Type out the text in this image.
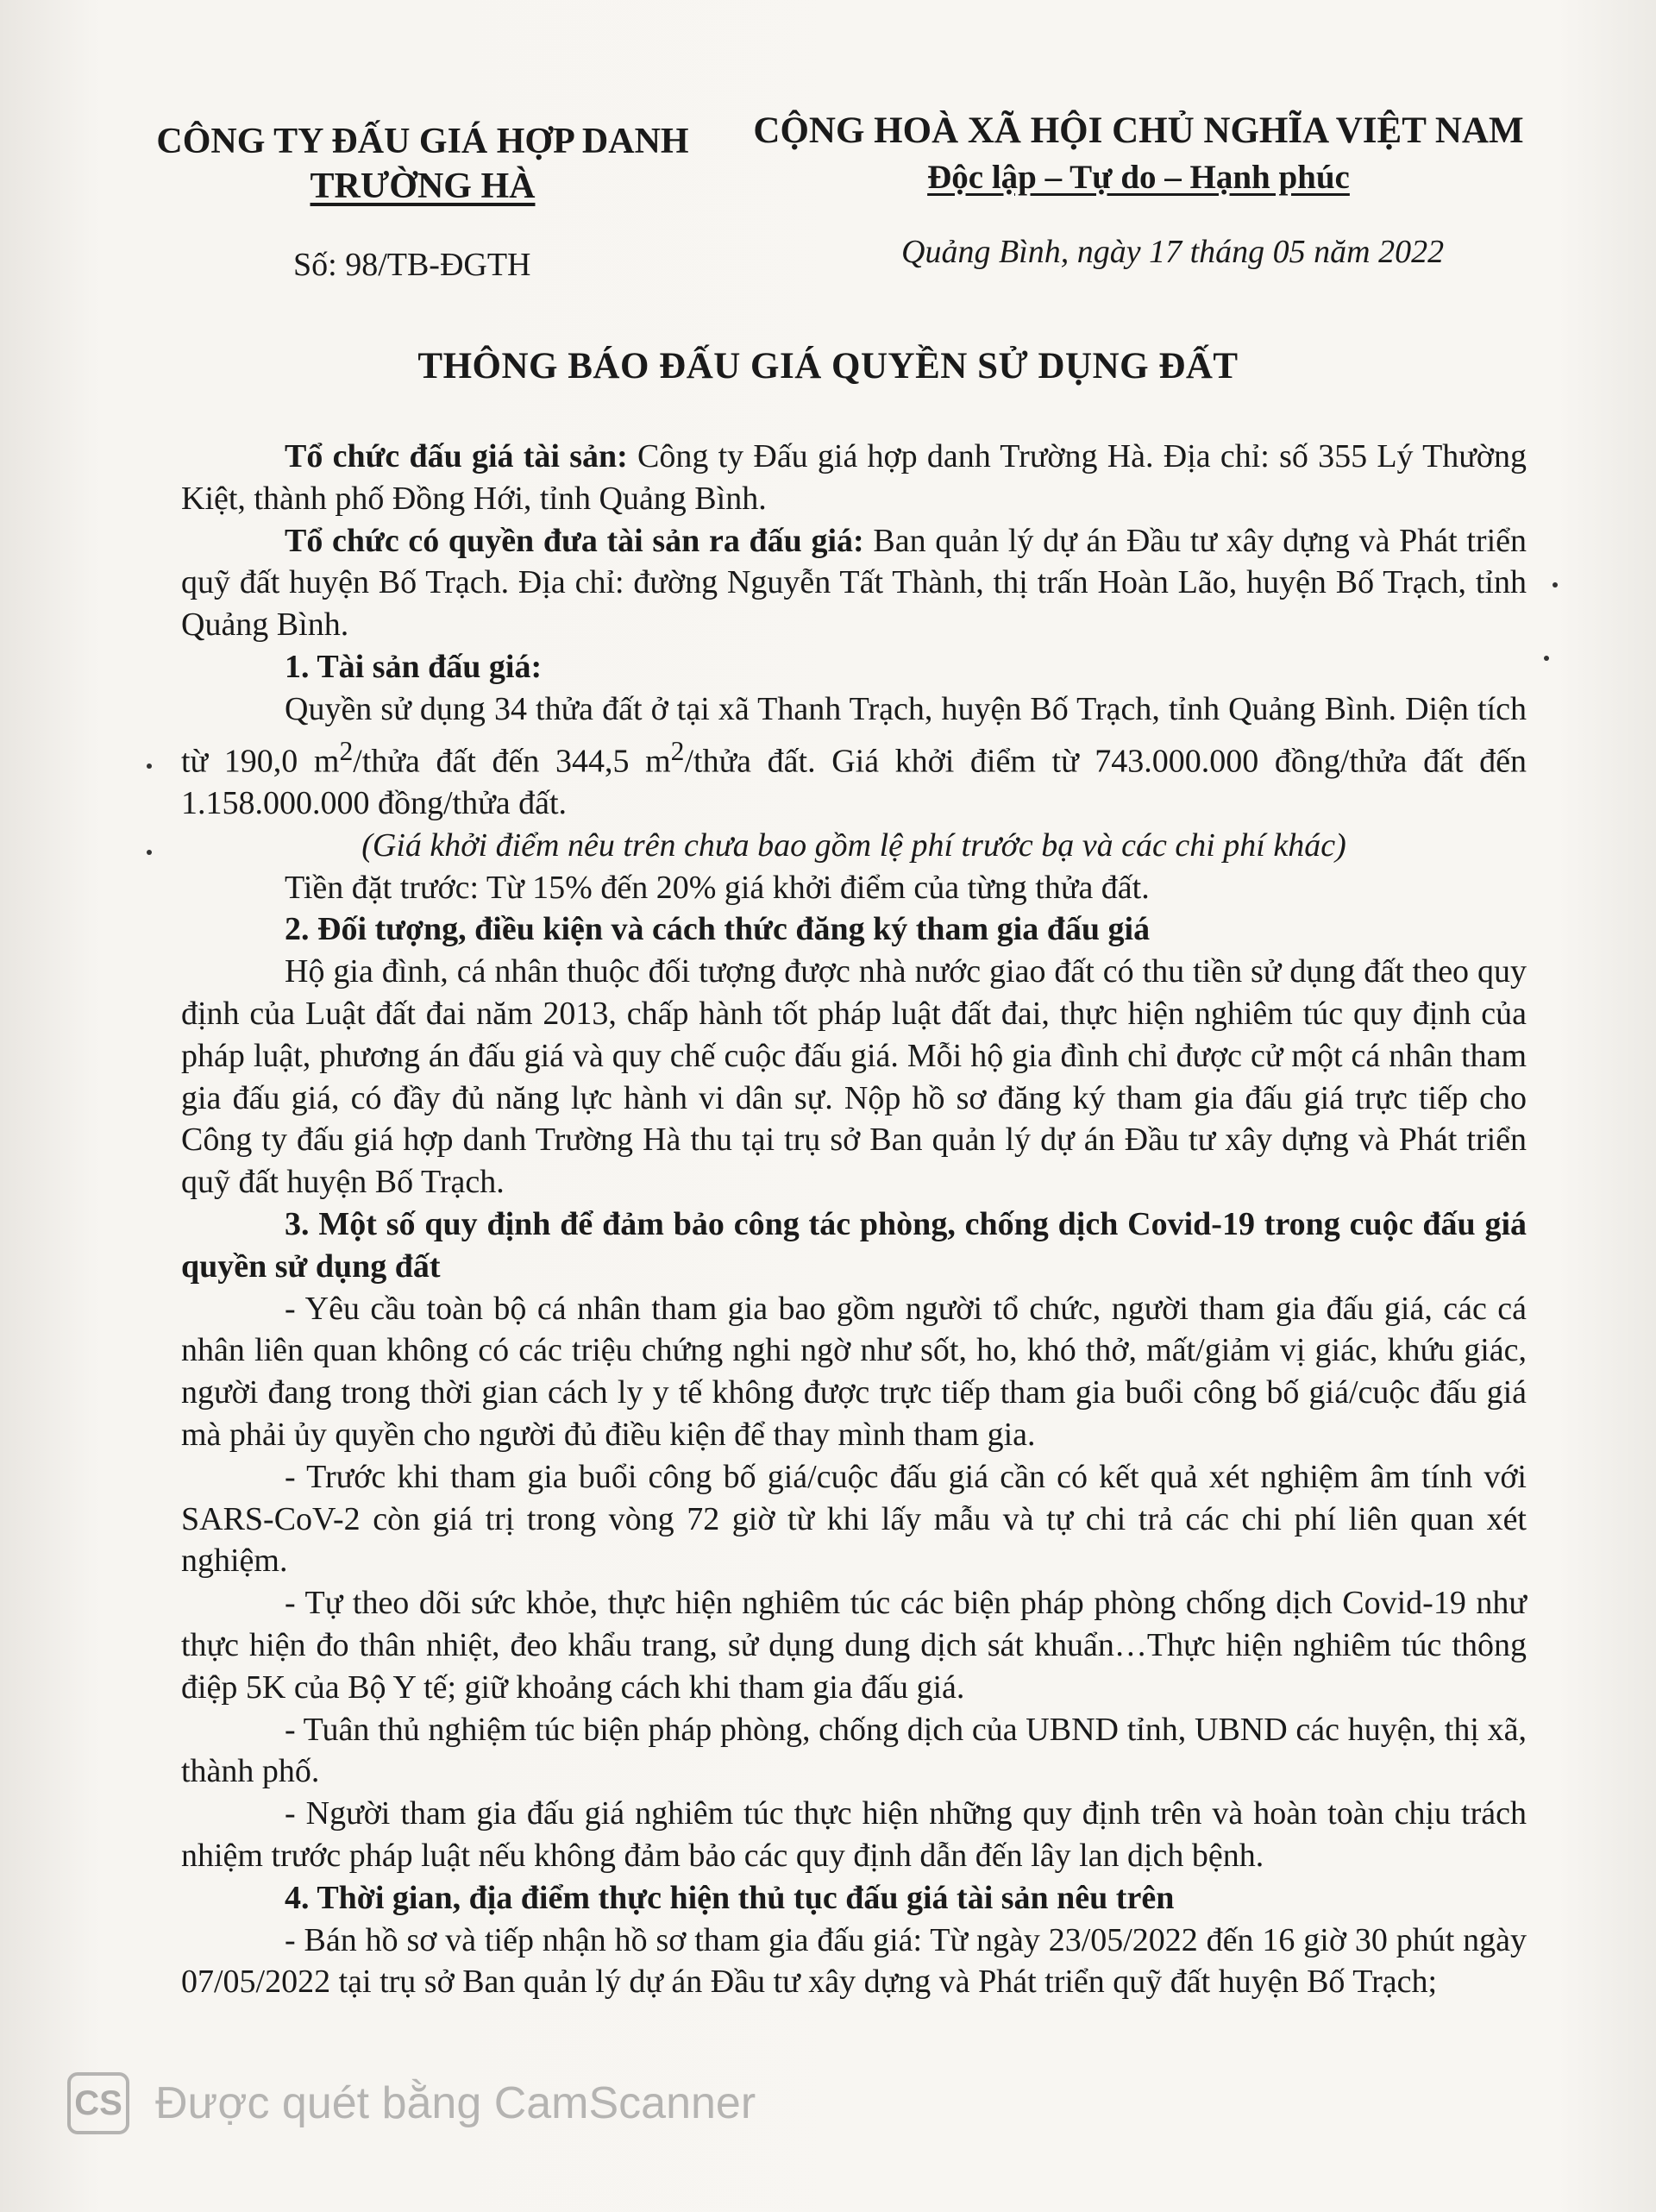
CÔNG TY ĐẤU GIÁ HỢP DANH
TRƯỜNG HÀ
CỘNG HOÀ XÃ HỘI CHỦ NGHĨA VIỆT NAM
Độc lập – Tự do – Hạnh phúc
Số: 98/TB-ĐGTH	Quảng Bình, ngày 17 tháng 05 năm 2022
THÔNG BÁO ĐẤU GIÁ QUYỀN SỬ DỤNG ĐẤT

Tổ chức đấu giá tài sản: Công ty Đấu giá hợp danh Trường Hà. Địa chỉ: số 355 Lý Thường Kiệt, thành phố Đồng Hới, tỉnh Quảng Bình.

Tổ chức có quyền đưa tài sản ra đấu giá: Ban quản lý dự án Đầu tư xây dựng và Phát triển quỹ đất huyện Bố Trạch. Địa chỉ: đường Nguyễn Tất Thành, thị trấn Hoàn Lão, huyện Bố Trạch, tỉnh Quảng Bình.

1. Tài sản đấu giá:

Quyền sử dụng 34 thửa đất ở tại xã Thanh Trạch, huyện Bố Trạch, tỉnh Quảng Bình. Diện tích từ 190,0 $m^2$/thửa đất đến 344,5 $m^2$/thửa đất. Giá khởi điểm từ 743.000.000 đồng/thửa đất đến 1.158.000.000 đồng/thửa đất.

(Giá khởi điểm nêu trên chưa bao gồm lệ phí trước bạ và các chi phí khác)

Tiền đặt trước: Từ 15% đến 20% giá khởi điểm của từng thửa đất.

2. Đối tượng, điều kiện và cách thức đăng ký tham gia đấu giá

Hộ gia đình, cá nhân thuộc đối tượng được nhà nước giao đất có thu tiền sử dụng đất theo quy định của Luật đất đai năm 2013, chấp hành tốt pháp luật đất đai, thực hiện nghiêm túc quy định của pháp luật, phương án đấu giá và quy chế cuộc đấu giá. Mỗi hộ gia đình chỉ được cử một cá nhân tham gia đấu giá, có đầy đủ năng lực hành vi dân sự. Nộp hồ sơ đăng ký tham gia đấu giá trực tiếp cho Công ty đấu giá hợp danh Trường Hà thu tại trụ sở Ban quản lý dự án Đầu tư xây dựng và Phát triển quỹ đất huyện Bố Trạch.

3. Một số quy định để đảm bảo công tác phòng, chống dịch Covid-19 trong cuộc đấu giá quyền sử dụng đất

- Yêu cầu toàn bộ cá nhân tham gia bao gồm người tổ chức, người tham gia đấu giá, các cá nhân liên quan không có các triệu chứng nghi ngờ như sốt, ho, khó thở, mất/giảm vị giác, khứu giác, người đang trong thời gian cách ly y tế không được trực tiếp tham gia buổi công bố giá/cuộc đấu giá mà phải ủy quyền cho người đủ điều kiện để thay mình tham gia.

- Trước khi tham gia buổi công bố giá/cuộc đấu giá cần có kết quả xét nghiệm âm tính với SARS-CoV-2 còn giá trị trong vòng 72 giờ từ khi lấy mẫu và tự chi trả các chi phí liên quan xét nghiệm.

- Tự theo dõi sức khỏe, thực hiện nghiêm túc các biện pháp phòng chống dịch Covid-19 như thực hiện đo thân nhiệt, đeo khẩu trang, sử dụng dung dịch sát khuẩn…Thực hiện nghiêm túc thông điệp 5K của Bộ Y tế; giữ khoảng cách khi tham gia đấu giá.

- Tuân thủ nghiệm túc biện pháp phòng, chống dịch của UBND tỉnh, UBND các huyện, thị xã, thành phố.

- Người tham gia đấu giá nghiêm túc thực hiện những quy định trên và hoàn toàn chịu trách nhiệm trước pháp luật nếu không đảm bảo các quy định dẫn đến lây lan dịch bệnh.

4. Thời gian, địa điểm thực hiện thủ tục đấu giá tài sản nêu trên

- Bán hồ sơ và tiếp nhận hồ sơ tham gia đấu giá: Từ ngày 23/05/2022 đến 16 giờ 30 phút ngày 07/05/2022 tại trụ sở Ban quản lý dự án Đầu tư xây dựng và Phát triển quỹ đất huyện Bố Trạch;

CS Được quét bằng CamScanner
